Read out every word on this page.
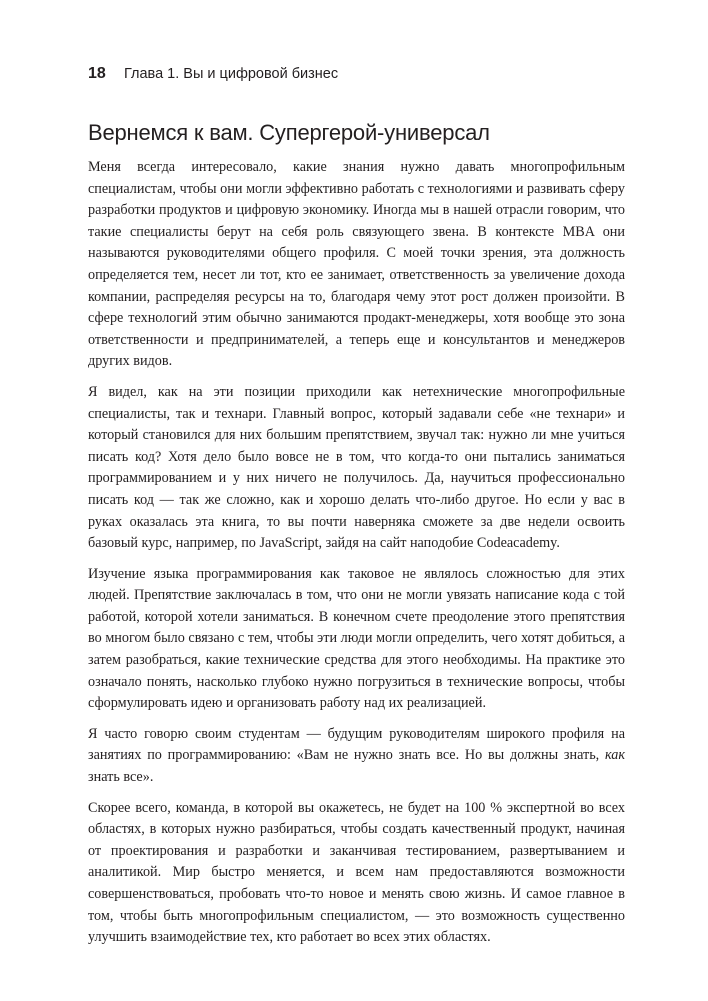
18 Глава 1. Вы и цифровой бизнес
Вернемся к вам. Супергерой-универсал

Меня всегда интересовало, какие знания нужно давать многопрофильным специалистам, чтобы они могли эффективно работать с технологиями и развивать сферу разработки продуктов и цифровую экономику. Иногда мы в нашей отрасли говорим, что такие специалисты берут на себя роль связующего звена. В контексте MBA они называются руководителями общего профиля. С моей точки зрения, эта должность определяется тем, несет ли тот, кто ее занимает, ответственность за увеличение дохода компании, распределяя ресурсы на то, благодаря чему этот рост должен произойти. В сфере технологий этим обычно занимаются продакт-менеджеры, хотя вообще это зона ответственности и предпринимателей, а теперь еще и консультантов и менеджеров других видов.

Я видел, как на эти позиции приходили как нетехнические многопрофильные специалисты, так и технари. Главный вопрос, который задавали себе «не технари» и который становился для них большим препятствием, звучал так: нужно ли мне учиться писать код? Хотя дело было вовсе не в том, что когда-то они пытались заниматься программированием и у них ничего не получилось. Да, научиться профессионально писать код — так же сложно, как и хорошо делать что-либо другое. Но если у вас в руках оказалась эта книга, то вы почти наверняка сможете за две недели освоить базовый курс, например, по JavaScript, зайдя на сайт наподобие Codeacademy.

Изучение языка программирования как таковое не являлось сложностью для этих людей. Препятствие заключалась в том, что они не могли увязать написание кода с той работой, которой хотели заниматься. В конечном счете преодоление этого препятствия во многом было связано с тем, чтобы эти люди могли определить, чего хотят добиться, а затем разобраться, какие технические средства для этого необходимы. На практике это означало понять, насколько глубоко нужно погрузиться в технические вопросы, чтобы сформулировать идею и организовать работу над их реализацией.

Я часто говорю своим студентам — будущим руководителям широкого профиля на занятиях по программированию: «Вам не нужно знать все. Но вы должны знать, как знать все».

Скорее всего, команда, в которой вы окажетесь, не будет на 100 % экспертной во всех областях, в которых нужно разбираться, чтобы создать качественный продукт, начиная от проектирования и разработки и заканчивая тестированием, развертыванием и аналитикой. Мир быстро меняется, и всем нам предоставляются возможности совершенствоваться, пробовать что-то новое и менять свою жизнь. И самое главное в том, чтобы быть многопрофильным специалистом, — это возможность существенно улучшить взаимодействие тех, кто работает во всех этих областях.
